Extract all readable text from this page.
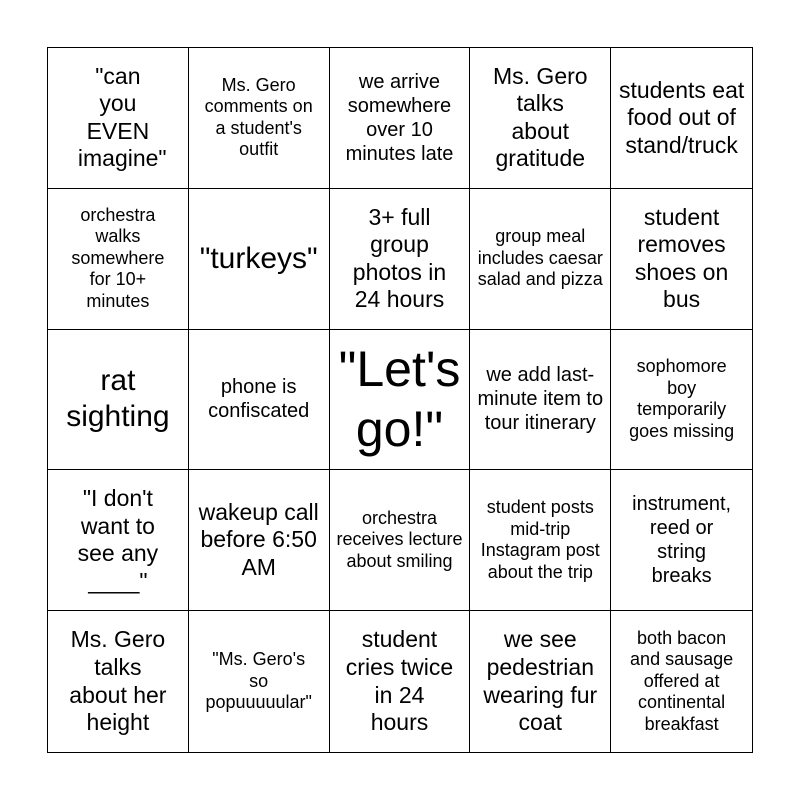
"can you EVEN imagine"
Ms. Gero comments on a student's outfit
we arrive somewhere over 10 minutes late
Ms. Gero talks about gratitude
students eat food out of stand/truck
orchestra walks somewhere for 10+ minutes
"turkeys"
3+ full group photos in 24 hours
group meal includes caesar salad and pizza
student removes shoes on bus
rat sighting
phone is confiscated
"Let's go!"
we add last-minute item to tour itinerary
sophomore boy temporarily goes missing
"I don't want to see any ____"
wakeup call before 6:50 AM
orchestra receives lecture about smiling
student posts mid-trip Instagram post about the trip
instrument, reed or string breaks
Ms. Gero talks about her height
"Ms. Gero's so popuuuuular"
student cries twice in 24 hours
we see pedestrian wearing fur coat
both bacon and sausage offered at continental breakfast
